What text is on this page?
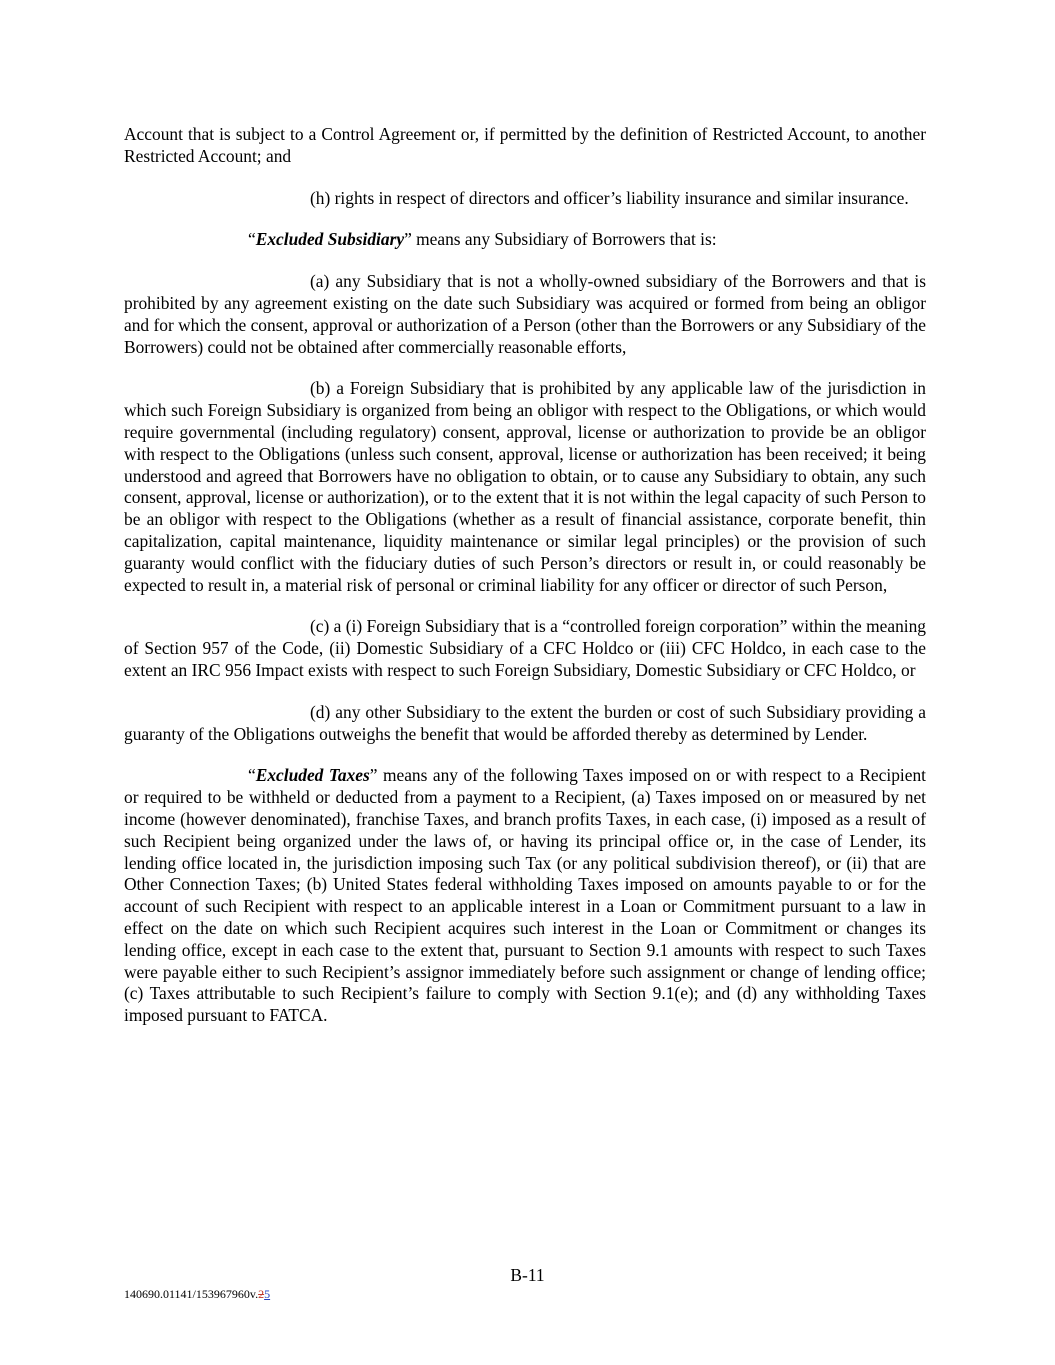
Account that is subject to a Control Agreement or, if permitted by the definition of Restricted Account, to another Restricted Account; and

(h) rights in respect of directors and officer’s liability insurance and similar insurance.

“Excluded Subsidiary” means any Subsidiary of Borrowers that is:

(a) any Subsidiary that is not a wholly-owned subsidiary of the Borrowers and that is prohibited by any agreement existing on the date such Subsidiary was acquired or formed from being an obligor and for which the consent, approval or authorization of a Person (other than the Borrowers or any Subsidiary of the Borrowers) could not be obtained after commercially reasonable efforts,

(b) a Foreign Subsidiary that is prohibited by any applicable law of the jurisdiction in which such Foreign Subsidiary is organized from being an obligor with respect to the Obligations, or which would require governmental (including regulatory) consent, approval, license or authorization to provide be an obligor with respect to the Obligations (unless such consent, approval, license or authorization has been received; it being understood and agreed that Borrowers have no obligation to obtain, or to cause any Subsidiary to obtain, any such consent, approval, license or authorization), or to the extent that it is not within the legal capacity of such Person to be an obligor with respect to the Obligations (whether as a result of financial assistance, corporate benefit, thin capitalization, capital maintenance, liquidity maintenance or similar legal principles) or the provision of such guaranty would conflict with the fiduciary duties of such Person’s directors or result in, or could reasonably be expected to result in, a material risk of personal or criminal liability for any officer or director of such Person,

(c) a (i) Foreign Subsidiary that is a “controlled foreign corporation” within the meaning of Section 957 of the Code, (ii) Domestic Subsidiary of a CFC Holdco or (iii) CFC Holdco, in each case to the extent an IRC 956 Impact exists with respect to such Foreign Subsidiary, Domestic Subsidiary or CFC Holdco, or

(d) any other Subsidiary to the extent the burden or cost of such Subsidiary providing a guaranty of the Obligations outweighs the benefit that would be afforded thereby as determined by Lender.

“Excluded Taxes” means any of the following Taxes imposed on or with respect to a Recipient or required to be withheld or deducted from a payment to a Recipient, (a) Taxes imposed on or measured by net income (however denominated), franchise Taxes, and branch profits Taxes, in each case, (i) imposed as a result of such Recipient being organized under the laws of, or having its principal office or, in the case of Lender, its lending office located in, the jurisdiction imposing such Tax (or any political subdivision thereof), or (ii) that are Other Connection Taxes; (b) United States federal withholding Taxes imposed on amounts payable to or for the account of such Recipient with respect to an applicable interest in a Loan or Commitment pursuant to a law in effect on the date on which such Recipient acquires such interest in the Loan or Commitment or changes its lending office, except in each case to the extent that, pursuant to Section 9.1 amounts with respect to such Taxes were payable either to such Recipient’s assignor immediately before such assignment or change of lending office; (c) Taxes attributable to such Recipient’s failure to comply with Section 9.1(e); and (d) any withholding Taxes imposed pursuant to FATCA.

B-11
140690.01141/153967960v.25
